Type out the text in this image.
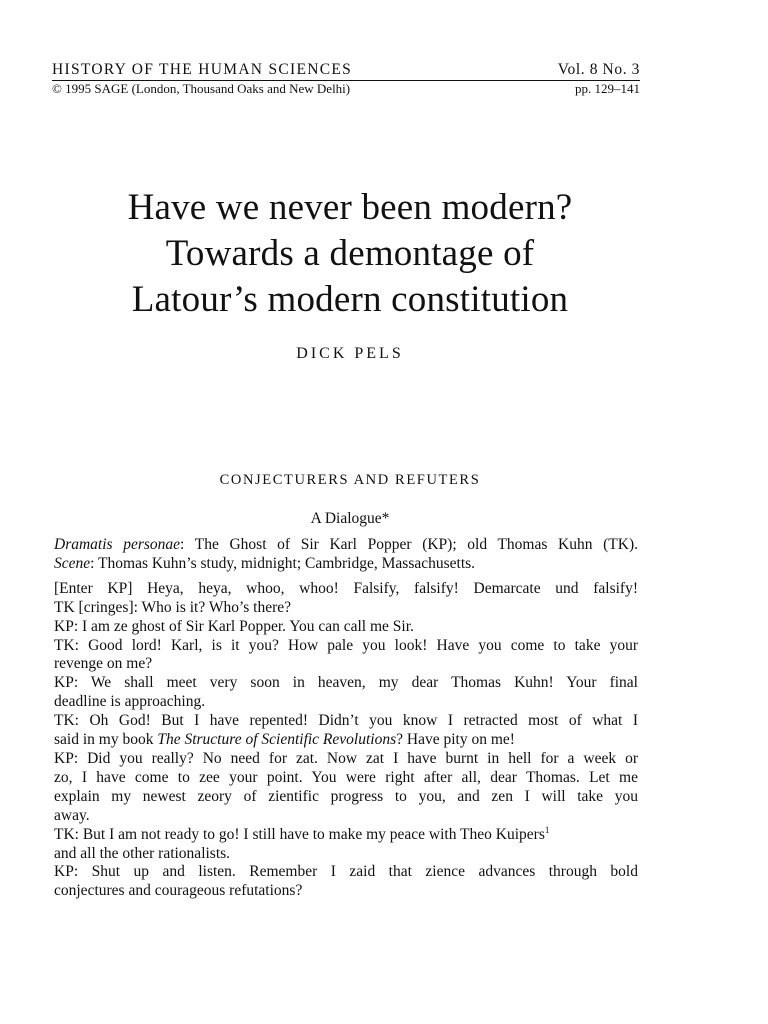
HISTORY OF THE HUMAN SCIENCES	Vol. 8 No. 3
© 1995 SAGE (London, Thousand Oaks and New Delhi)	pp. 129–141
Have we never been modern?
Towards a demontage of
Latour’s modern constitution
DICK PELS
CONJECTURERS AND REFUTERS
A Dialogue*
Dramatis personae: The Ghost of Sir Karl Popper (KP); old Thomas Kuhn (TK).
Scene: Thomas Kuhn’s study, midnight; Cambridge, Massachusetts.
[Enter KP] Heya, heya, whoo, whoo! Falsify, falsify! Demarcate und falsify!
TK [cringes]: Who is it? Who’s there?
KP: I am ze ghost of Sir Karl Popper. You can call me Sir.
TK: Good lord! Karl, is it you? How pale you look! Have you come to take your
revenge on me?
KP: We shall meet very soon in heaven, my dear Thomas Kuhn! Your final
deadline is approaching.
TK: Oh God! But I have repented! Didn’t you know I retracted most of what I
said in my book The Structure of Scientific Revolutions? Have pity on me!
KP: Did you really? No need for zat. Now zat I have burnt in hell for a week or
zo, I have come to zee your point. You were right after all, dear Thomas. Let me
explain my newest zeory of zientific progress to you, and zen I will take you
away.
TK: But I am not ready to go! I still have to make my peace with Theo Kuipers$^1$
and all the other rationalists.
KP: Shut up and listen. Remember I zaid that zience advances through bold
conjectures and courageous refutations?
